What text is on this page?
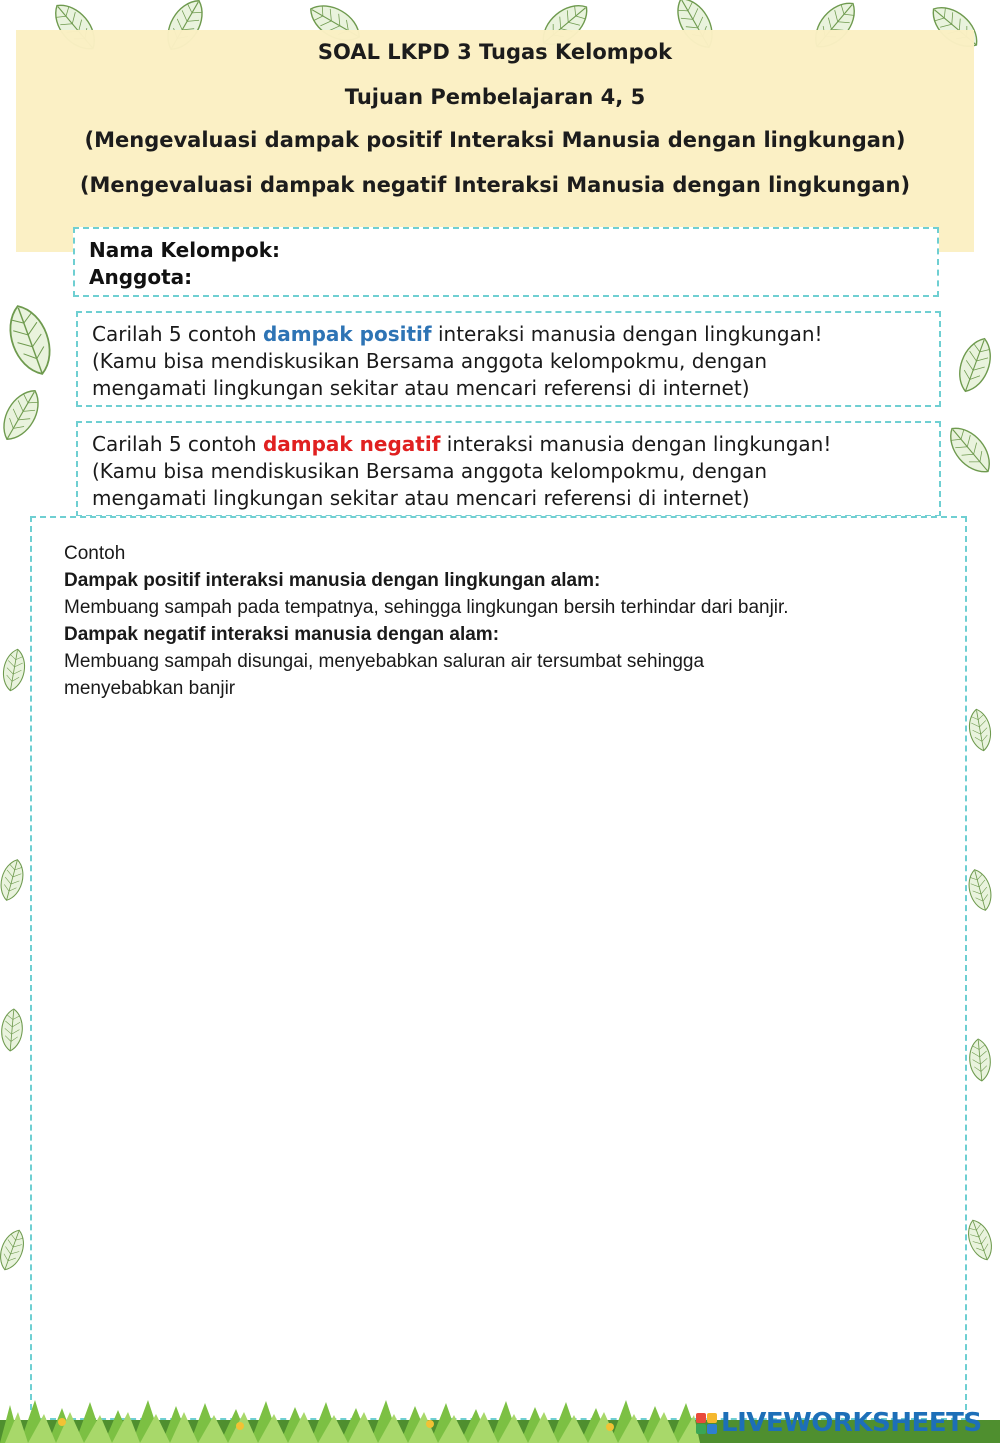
SOAL LKPD 3 Tugas Kelompok
Tujuan Pembelajaran 4, 5
(Mengevaluasi dampak positif Interaksi Manusia dengan lingkungan)
(Mengevaluasi dampak negatif Interaksi Manusia dengan lingkungan)
Nama Kelompok:
Anggota:
Carilah 5 contoh dampak positif interaksi manusia dengan lingkungan!
(Kamu bisa mendiskusikan Bersama anggota kelompokmu, dengan
mengamati lingkungan sekitar atau mencari referensi di internet)
Carilah 5 contoh dampak negatif interaksi manusia dengan lingkungan!
(Kamu bisa mendiskusikan Bersama anggota kelompokmu, dengan
mengamati lingkungan sekitar atau mencari referensi di internet)
Contoh
Dampak positif interaksi manusia dengan lingkungan alam:
Membuang sampah pada tempatnya, sehingga lingkungan bersih terhindar dari banjir.
Dampak negatif interaksi manusia dengan alam:
Membuang sampah disungai, menyebabkan saluran air tersumbat sehingga
menyebabkan banjir
LIVEWORKSHEETS
